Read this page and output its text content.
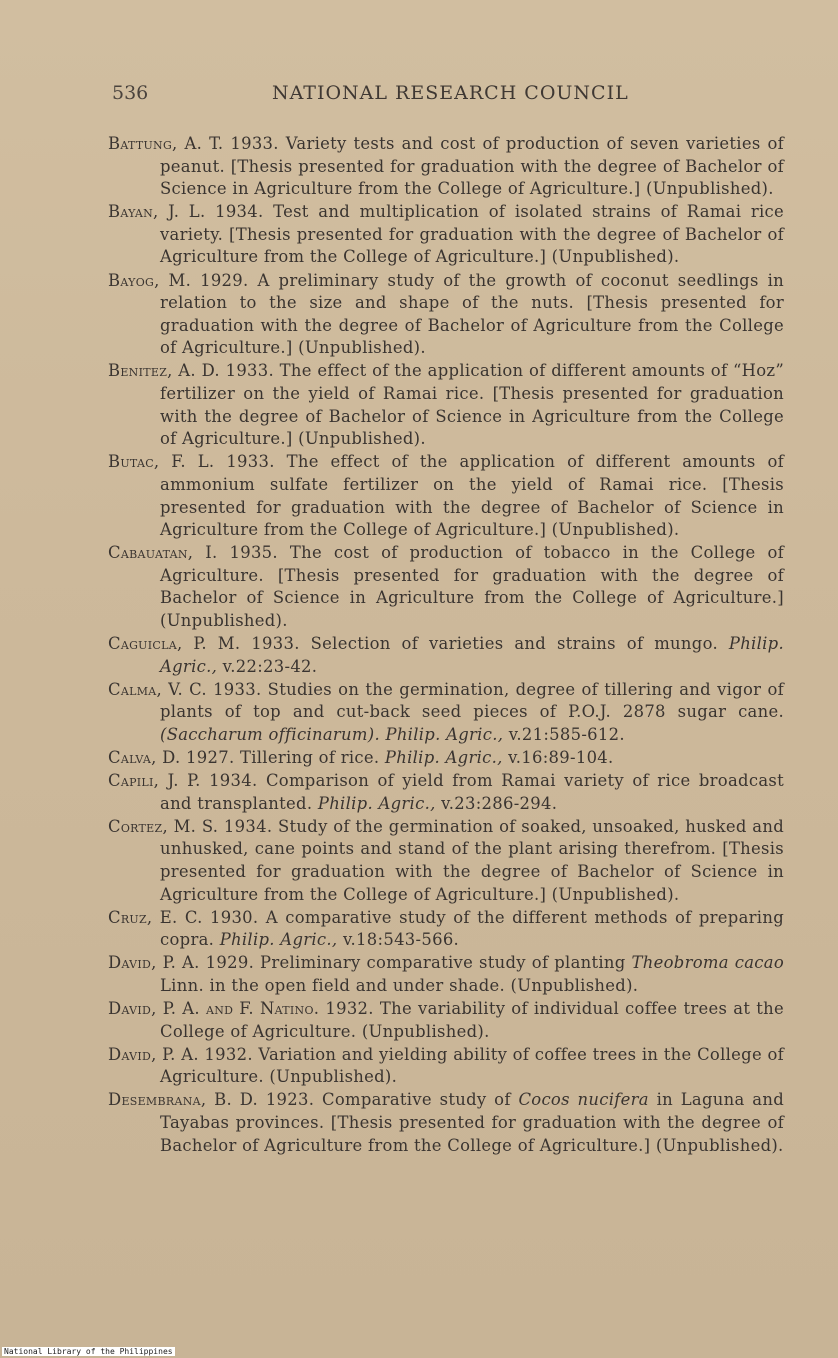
536	NATIONAL RESEARCH COUNCIL

Battung, A. T. 1933. Variety tests and cost of production of seven varieties of peanut. [Thesis presented for graduation with the degree of Bachelor of Science in Agriculture from the College of Agriculture.] (Unpublished).

Bayan, J. L. 1934. Test and multiplication of isolated strains of Ramai rice variety. [Thesis presented for graduation with the degree of Bachelor of Agriculture from the College of Agriculture.] (Unpublished).

Bayog, M. 1929. A preliminary study of the growth of coconut seedlings in relation to the size and shape of the nuts. [Thesis presented for graduation with the degree of Bachelor of Agriculture from the College of Agriculture.] (Unpublished).

Benitez, A. D. 1933. The effect of the application of different amounts of “Hoz” fertilizer on the yield of Ramai rice. [Thesis presented for graduation with the degree of Bachelor of Science in Agriculture from the College of Agriculture.] (Unpublished).

Butac, F. L. 1933. The effect of the application of different amounts of ammonium sulfate fertilizer on the yield of Ramai rice. [Thesis presented for graduation with the degree of Bachelor of Science in Agriculture from the College of Agriculture.] (Unpublished).

Cabauatan, I. 1935. The cost of production of tobacco in the College of Agriculture. [Thesis presented for graduation with the degree of Bachelor of Science in Agriculture from the College of Agriculture.] (Unpublished).

Caguicla, P. M. 1933. Selection of varieties and strains of mungo. Philip. Agric., v.22:23-42.

Calma, V. C. 1933. Studies on the germination, degree of tillering and vigor of plants of top and cut-back seed pieces of P.O.J. 2878 sugar cane. (Saccharum officinarum). Philip. Agric., v.21:585-612.

Calva, D. 1927. Tillering of rice. Philip. Agric., v.16:89-104.

Capili, J. P. 1934. Comparison of yield from Ramai variety of rice broadcast and transplanted. Philip. Agric., v.23:286-294.

Cortez, M. S. 1934. Study of the germination of soaked, unsoaked, husked and unhusked, cane points and stand of the plant arising therefrom. [Thesis presented for graduation with the degree of Bachelor of Science in Agriculture from the College of Agriculture.] (Unpublished).

Cruz, E. C. 1930. A comparative study of the different methods of preparing copra. Philip. Agric., v.18:543-566.

David, P. A. 1929. Preliminary comparative study of planting Theobroma cacao Linn. in the open field and under shade. (Unpublished).

David, P. A. and F. Natino. 1932. The variability of individual coffee trees at the College of Agriculture. (Unpublished).

David, P. A. 1932. Variation and yielding ability of coffee trees in the College of Agriculture. (Unpublished).

Desembrana, B. D. 1923. Comparative study of Cocos nucifera in Laguna and Tayabas provinces. [Thesis presented for graduation with the degree of Bachelor of Agriculture from the College of Agriculture.] (Unpublished).

National Library of the Philippines
